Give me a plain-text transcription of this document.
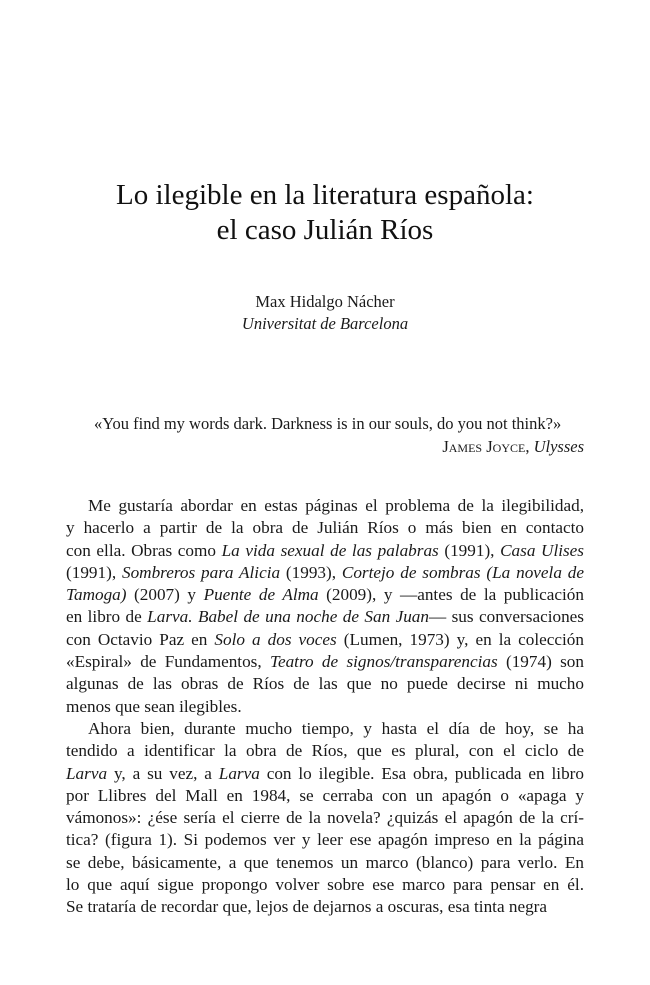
Lo ilegible en la literatura española:
el caso Julián Ríos
Max Hidalgo Nácher
Universitat de Barcelona
«You find my words dark. Darkness is in our souls, do you not think?»
James Joyce, Ulysses
Me gustaría abordar en estas páginas el problema de la ilegibilidad,
y hacerlo a partir de la obra de Julián Ríos o más bien en contacto
con ella. Obras como La vida sexual de las palabras (1991), Casa Ulises
(1991), Sombreros para Alicia (1993), Cortejo de sombras (La novela de
Tamoga) (2007) y Puente de Alma (2009), y —antes de la publicación
en libro de Larva. Babel de una noche de San Juan— sus conversaciones
con Octavio Paz en Solo a dos voces (Lumen, 1973) y, en la colección
«Espiral» de Fundamentos, Teatro de signos/transparencias (1974) son
algunas de las obras de Ríos de las que no puede decirse ni mucho
menos que sean ilegibles.
Ahora bien, durante mucho tiempo, y hasta el día de hoy, se ha
tendido a identificar la obra de Ríos, que es plural, con el ciclo de
Larva y, a su vez, a Larva con lo ilegible. Esa obra, publicada en libro
por Llibres del Mall en 1984, se cerraba con un apagón o «apaga y
vámonos»: ¿ése sería el cierre de la novela? ¿quizás el apagón de la crí-
tica? (figura 1). Si podemos ver y leer ese apagón impreso en la página
se debe, básicamente, a que tenemos un marco (blanco) para verlo. En
lo que aquí sigue propongo volver sobre ese marco para pensar en él.
Se trataría de recordar que, lejos de dejarnos a oscuras, esa tinta negra
